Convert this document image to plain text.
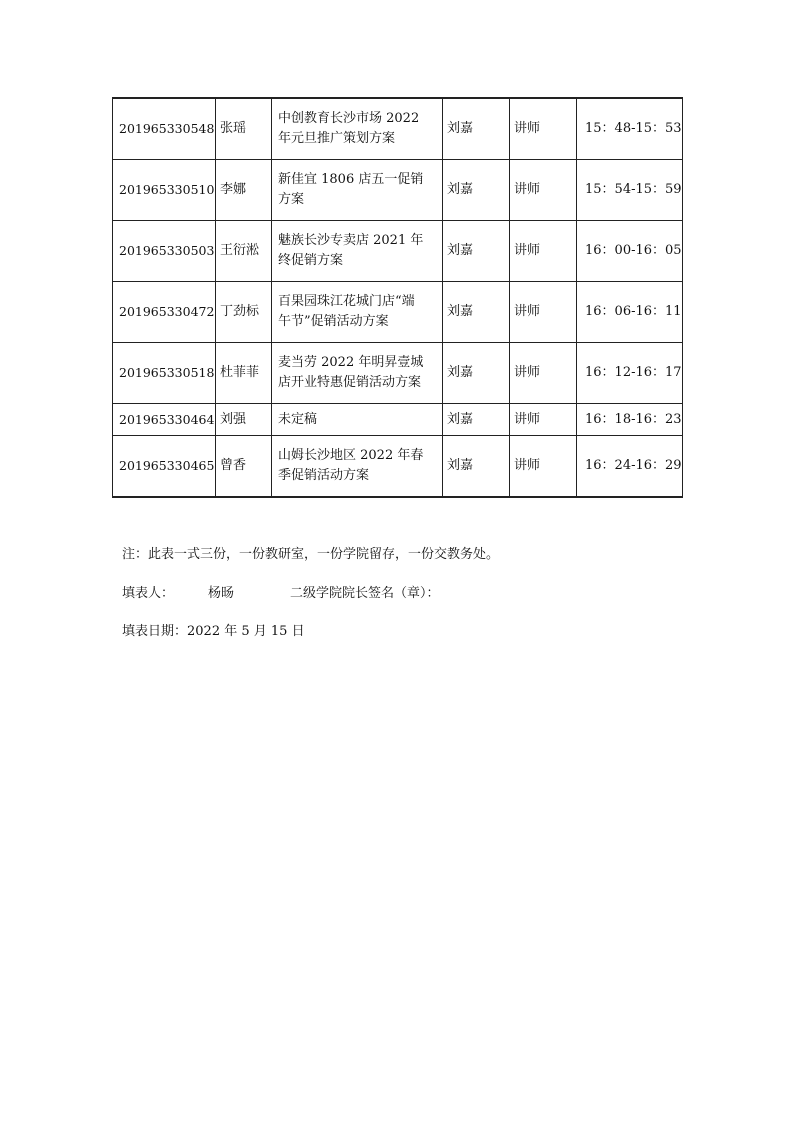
201965330548	张瑶	中创教育长沙市场 2022
年元旦推广策划方案	刘嘉	讲师	15：48-15：53
201965330510	李娜	新佳宜 1806 店五一促销
方案	刘嘉	讲师	15：54-15：59
201965330503	王衍淞	魅族长沙专卖店 2021 年
终促销方案	刘嘉	讲师	16：00-16：05
201965330472	丁劲标	百果园珠江花城门店“端
午节”促销活动方案	刘嘉	讲师	16：06-16：11
201965330518	杜菲菲	麦当劳 2022 年明昇壹城
店开业特惠促销活动方案	刘嘉	讲师	16：12-16：17
201965330464	刘强	未定稿	刘嘉	讲师	16：18-16：23
201965330465	曾香	山姆长沙地区 2022 年春
季促销活动方案	刘嘉	讲师	16：24-16：29
注：此表一式三份，一份教研室，一份学院留存，一份交教务处。
填表人：	杨旸	二级学院院长签名（章）：
填表日期：2022 年 5 月 15 日
